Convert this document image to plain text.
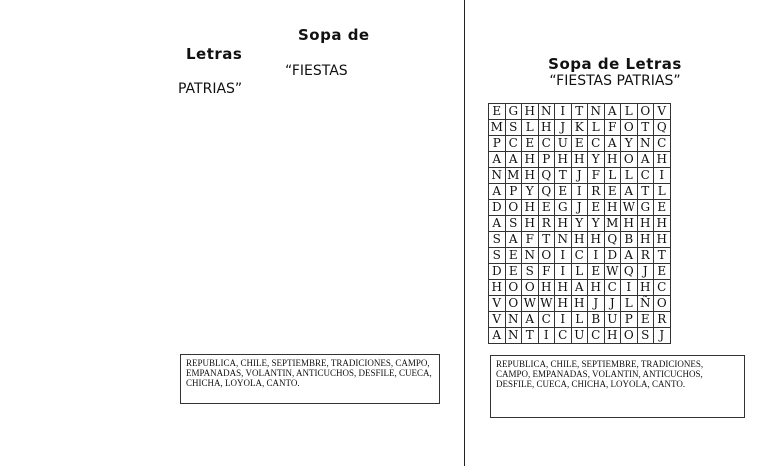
Sopa de
Letras
“FIESTAS
PATRIAS”
REPUBLICA, CHILE, SEPTIEMBRE, TRADICIONES, CAMPO, EMPANADAS, VOLANTIN, ANTICUCHOS, DESFILE, CUECA, CHICHA, LOYOLA, CANTO.
Sopa de Letras
“FIESTAS PATRIAS”
E	G	H	N	I	T	N	A	L	O	V
M	S	L	H	J	K	L	F	O	T	Q
P	C	E	C	U	E	C	A	Y	N	C
A	A	H	P	H	H	Y	H	O	A	H
N	M	H	Q	T	J	F	L	L	C	I
A	P	Y	Q	E	I	R	E	A	T	L
D	O	H	E	G	J	E	H	W	G	E
A	S	H	R	H	Y	Y	M	H	H	H
S	A	F	T	N	H	H	Q	B	H	H
S	E	N	O	I	C	I	D	A	R	T
D	E	S	F	I	L	E	W	Q	J	E
H	O	O	H	H	A	H	C	I	H	C
V	O	W	W	H	H	J	J	L	Ñ	O
V	N	A	C	I	L	B	U	P	E	R
A	N	T	I	C	U	C	H	O	S	J
REPUBLICA, CHILE, SEPTIEMBRE, TRADICIONES, CAMPO, EMPANADAS, VOLANTIN, ANTICUCHOS, DESFILE, CUECA, CHICHA, LOYOLA, CANTO.
